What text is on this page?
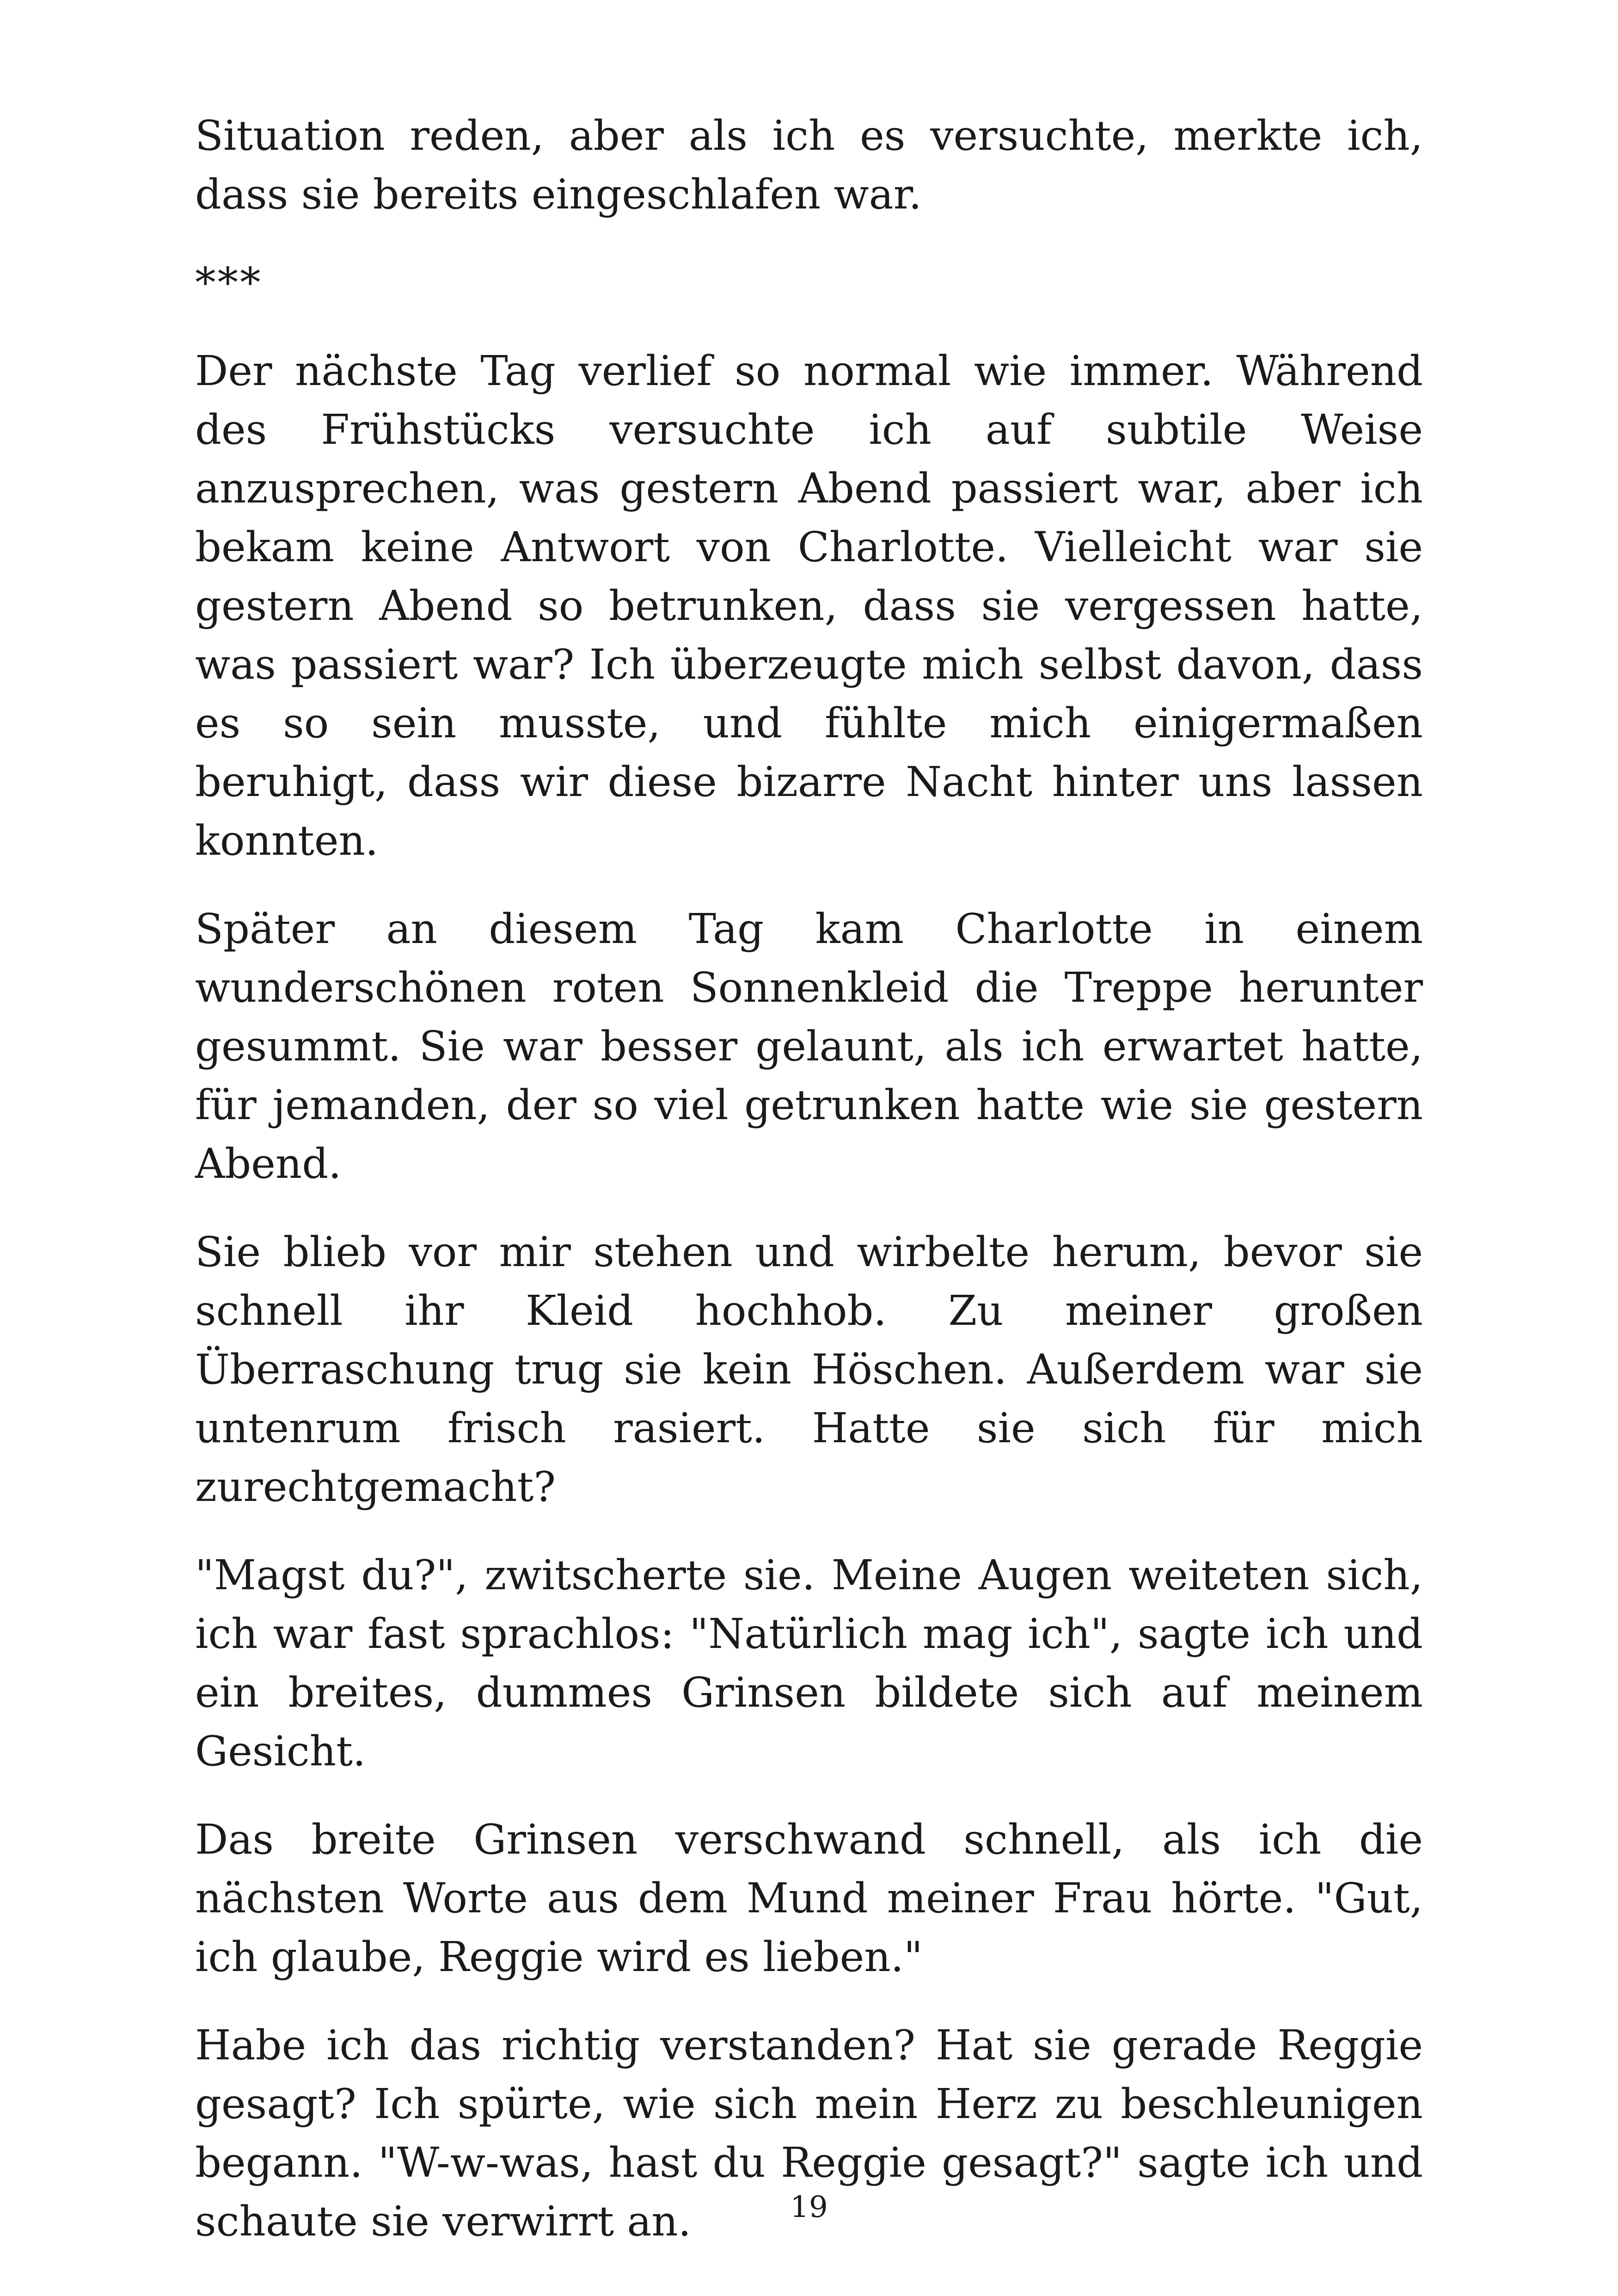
Situation reden, aber als ich es versuchte, merkte ich, dass sie bereits eingeschlafen war.

***

Der nächste Tag verlief so normal wie immer. Während des Frühstücks versuchte ich auf subtile Weise anzusprechen, was gestern Abend passiert war, aber ich bekam keine Antwort von Charlotte. Vielleicht war sie gestern Abend so betrunken, dass sie vergessen hatte, was passiert war? Ich überzeugte mich selbst davon, dass es so sein musste, und fühlte mich einigermaßen beruhigt, dass wir diese bizarre Nacht hinter uns lassen konnten.

Später an diesem Tag kam Charlotte in einem wunderschönen roten Sonnenkleid die Treppe herunter gesummt. Sie war besser gelaunt, als ich erwartet hatte, für jemanden, der so viel getrunken hatte wie sie gestern Abend.

Sie blieb vor mir stehen und wirbelte herum, bevor sie schnell ihr Kleid hochhob. Zu meiner großen Überraschung trug sie kein Höschen. Außerdem war sie untenrum frisch rasiert. Hatte sie sich für mich zurechtgemacht?

"Magst du?", zwitscherte sie. Meine Augen weiteten sich, ich war fast sprachlos: "Natürlich mag ich", sagte ich und ein breites, dummes Grinsen bildete sich auf meinem Gesicht.

Das breite Grinsen verschwand schnell, als ich die nächsten Worte aus dem Mund meiner Frau hörte. "Gut, ich glaube, Reggie wird es lieben."

Habe ich das richtig verstanden? Hat sie gerade Reggie gesagt? Ich spürte, wie sich mein Herz zu beschleunigen begann. "W-w-was, hast du Reggie gesagt?" sagte ich und schaute sie verwirrt an.	19
